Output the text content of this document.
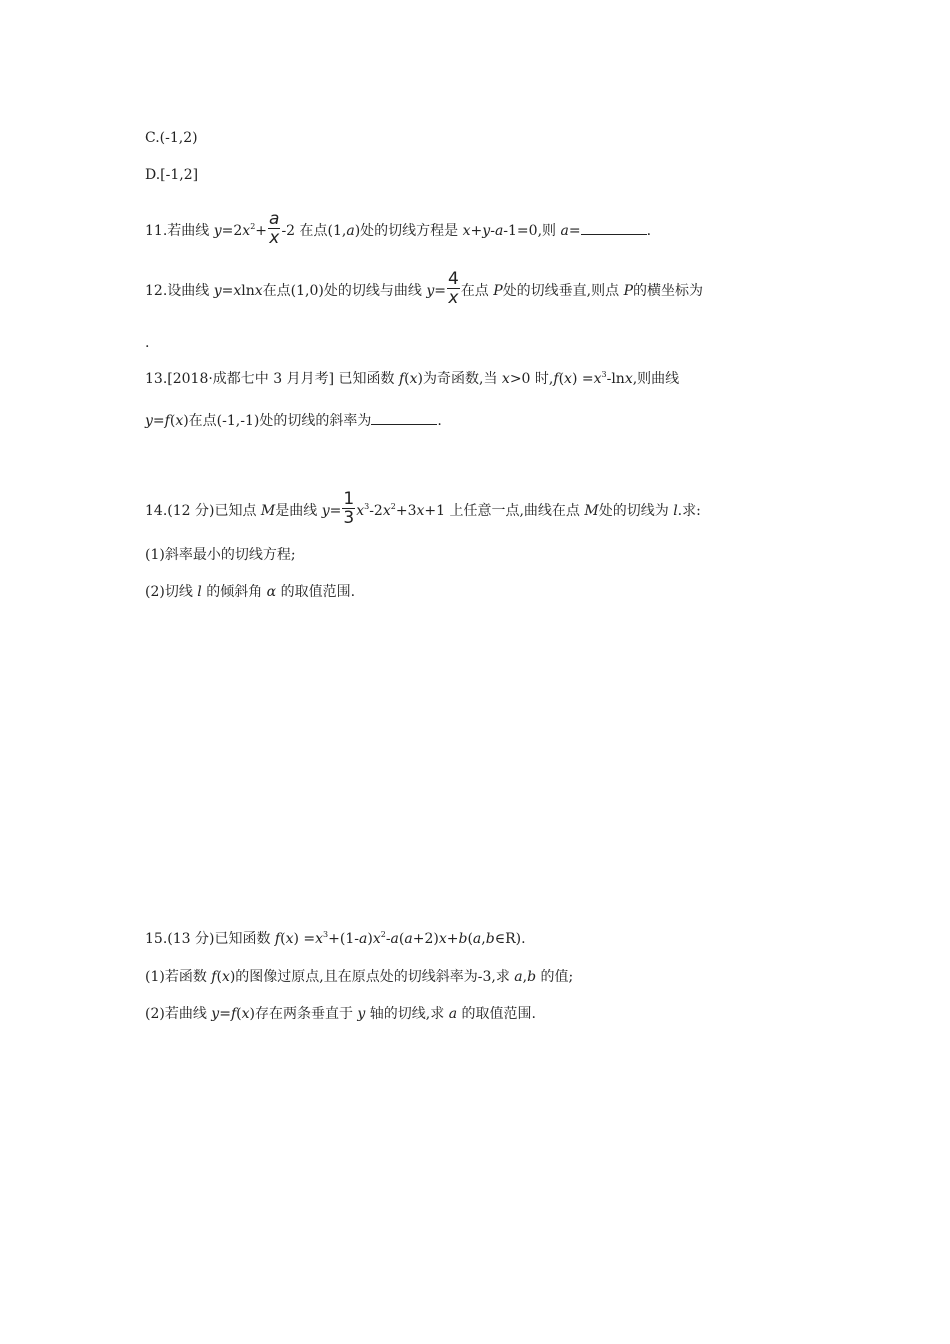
C.(-1,2)
D.[-1,2]
11.若曲线 $y=2x^2+ \frac{a}{x} -2$ 在点(1,a)处的切线方程是 x+y-a-1=0,则 a=	.
12.设曲线 y=xlnx在点(1,0)处的切线与曲线 $y= \frac{4}{x}$ 在点 P处的切线垂直,则点 P的横坐标为
.
13.[2018·成都七中 3 月月考] 已知函数 f(x)为奇函数,当 x>0 时$,f(x) =x^3$-lnx,则曲线
y=f(x)在点(-1,-1)处的切线的斜率为	.
14.(12 分)已知点 M是曲线 $y= \frac{1}{3} x^3-2x^2+3x+1$ 上任意一点,曲线在点 M处的切线为 l.求:
(1)斜率最小的切线方程;
(2)切线 l 的倾斜角 α 的取值范围.
15.(13 分)已知函数 $f(x) =x^3+(1-a)x^2-a(a+2)x+b(a,b\in R)$.
(1)若函数 f(x)的图像过原点,且在原点处的切线斜率为-3,求 a,b 的值;
(2)若曲线 y=f(x)存在两条垂直于 y 轴的切线,求 a 的取值范围.
